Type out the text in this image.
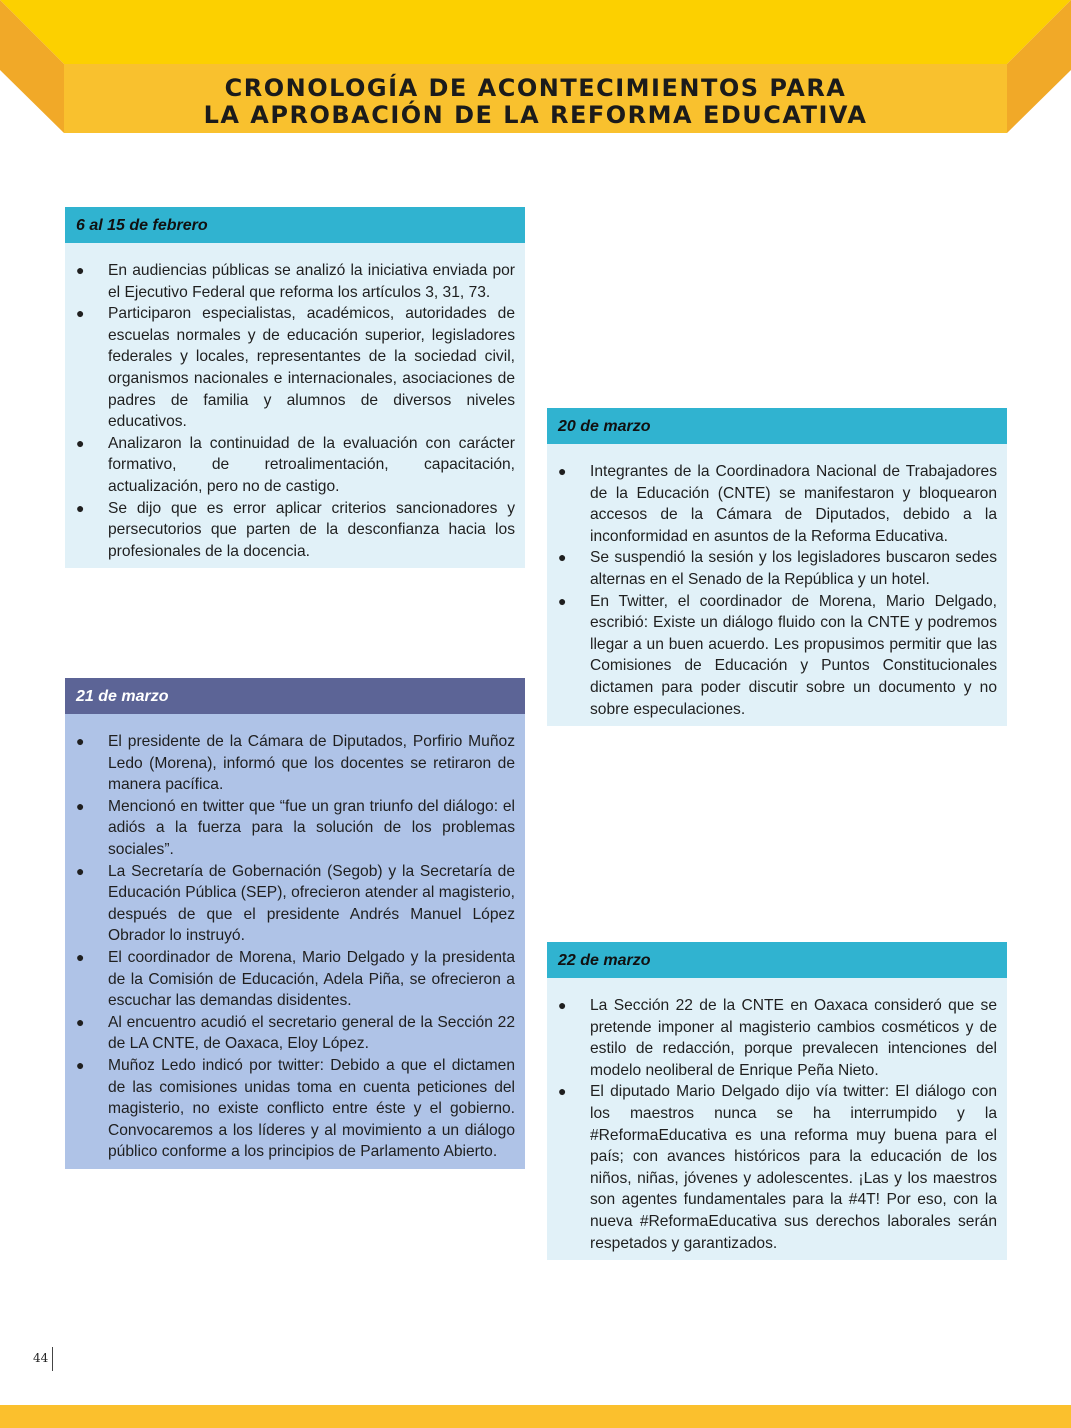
CRONOLOGÍA DE ACONTECIMIENTOS PARA
LA APROBACIÓN DE LA REFORMA EDUCATIVA
6 al 15 de febrero
●	En audiencias públicas se analizó la iniciativa enviada por el Ejecutivo Federal que reforma los artículos 3, 31, 73.
●	Participaron especialistas, académicos, autoridades de escuelas normales y de educación superior, legisladores federales y locales, representantes de la sociedad civil, organismos nacionales e internacionales, asociaciones de padres de familia y alumnos de diversos niveles educativos.
●	Analizaron la continuidad de la evaluación con carácter formativo, de retroalimentación, capacitación, actualización, pero no de castigo.
●	Se dijo que es error aplicar criterios sancionadores y persecutorios que parten de la desconfianza hacia los profesionales de la docencia.
20 de marzo
●	Integrantes de la Coordinadora Nacional de Trabajadores de la Educación (CNTE) se manifestaron y bloquearon accesos de la Cámara de Diputados, debido a la inconformidad en asuntos de la Reforma Educativa.
●	Se suspendió la sesión y los legisladores buscaron sedes alternas en el Senado de la República y un hotel.
●	En Twitter, el coordinador de Morena, Mario Delgado, escribió: Existe un diálogo fluido con la CNTE y podremos llegar a un buen acuerdo. Les propusimos permitir que las Comisiones de Educación y Puntos Constitucionales dictamen para poder discutir sobre un documento y no sobre especulaciones.
21 de marzo
●	El presidente de la Cámara de Diputados, Porfirio Muñoz Ledo (Morena), informó que los docentes se retiraron de manera pacífica.
●	Mencionó en twitter que “fue un gran triunfo del diálogo: el adiós a la fuerza para la solución de los problemas sociales”.
●	La Secretaría de Gobernación (Segob) y la Secretaría de Educación Pública (SEP), ofrecieron atender al magisterio, después de que el presidente Andrés Manuel López Obrador lo instruyó.
●	El coordinador de Morena, Mario Delgado y la presidenta de la Comisión de Educación, Adela Piña, se ofrecieron a escuchar las demandas disidentes.
●	Al encuentro acudió el secretario general de la Sección 22 de LA CNTE, de Oaxaca, Eloy López.
●	Muñoz Ledo indicó por twitter: Debido a que el dictamen de las comisiones unidas toma en cuenta peticiones del magisterio, no existe conflicto entre éste y el gobierno. Convocaremos a los líderes y al movimiento a un diálogo público conforme a los principios de Parlamento Abierto.
22 de marzo
●	La Sección 22 de la CNTE en Oaxaca consideró que se pretende imponer al magisterio cambios cosméticos y de estilo de redacción, porque prevalecen intenciones del modelo neoliberal de Enrique Peña Nieto.
●	El diputado Mario Delgado dijo vía twitter: El diálogo con los maestros nunca se ha interrumpido y la #ReformaEducativa es una reforma muy buena para el país; con avances históricos para la educación de los niños, niñas, jóvenes y adolescentes. ¡Las y los maestros son agentes fundamentales para la #4T! Por eso, con la nueva #ReformaEducativa sus derechos laborales serán respetados y garantizados.
44
